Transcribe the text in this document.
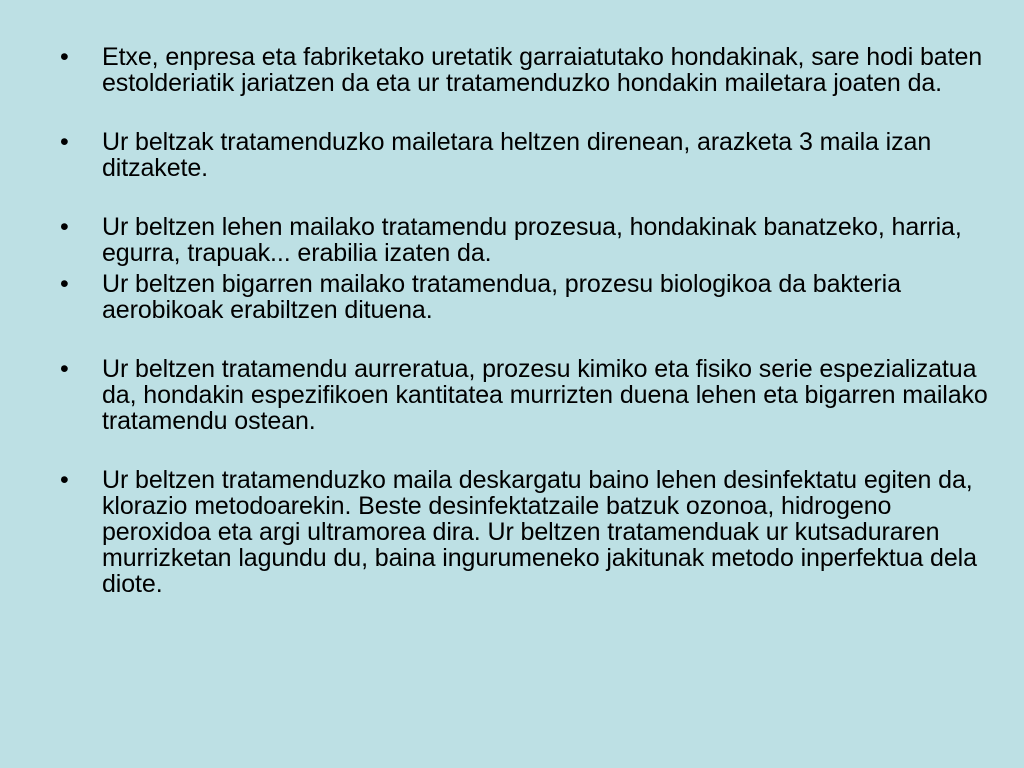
•	Etxe, enpresa eta fabriketako uretatik garraiatutako hondakinak, sare hodi baten estolderiatik jariatzen da eta ur tratamenduzko hondakin mailetara joaten da.
•	Ur beltzak tratamenduzko mailetara heltzen direnean, arazketa 3 maila izan ditzakete.
•	Ur beltzen lehen mailako tratamendu prozesua, hondakinak banatzeko, harria, egurra, trapuak... erabilia izaten da.
•	Ur beltzen bigarren mailako tratamendua, prozesu biologikoa da bakteria aerobikoak erabiltzen dituena.
•	Ur beltzen tratamendu aurreratua, prozesu kimiko eta fisiko serie espezializatua da, hondakin espezifikoen kantitatea murrizten duena lehen eta bigarren mailako tratamendu ostean.
•	Ur beltzen tratamenduzko maila deskargatu baino lehen desinfektatu egiten da, klorazio metodoarekin. Beste desinfektatzaile batzuk ozonoa, hidrogeno peroxidoa eta argi ultramorea dira. Ur beltzen tratamenduak ur kutsaduraren murrizketan lagundu du, baina ingurumeneko jakitunak metodo inperfektua dela diote.
